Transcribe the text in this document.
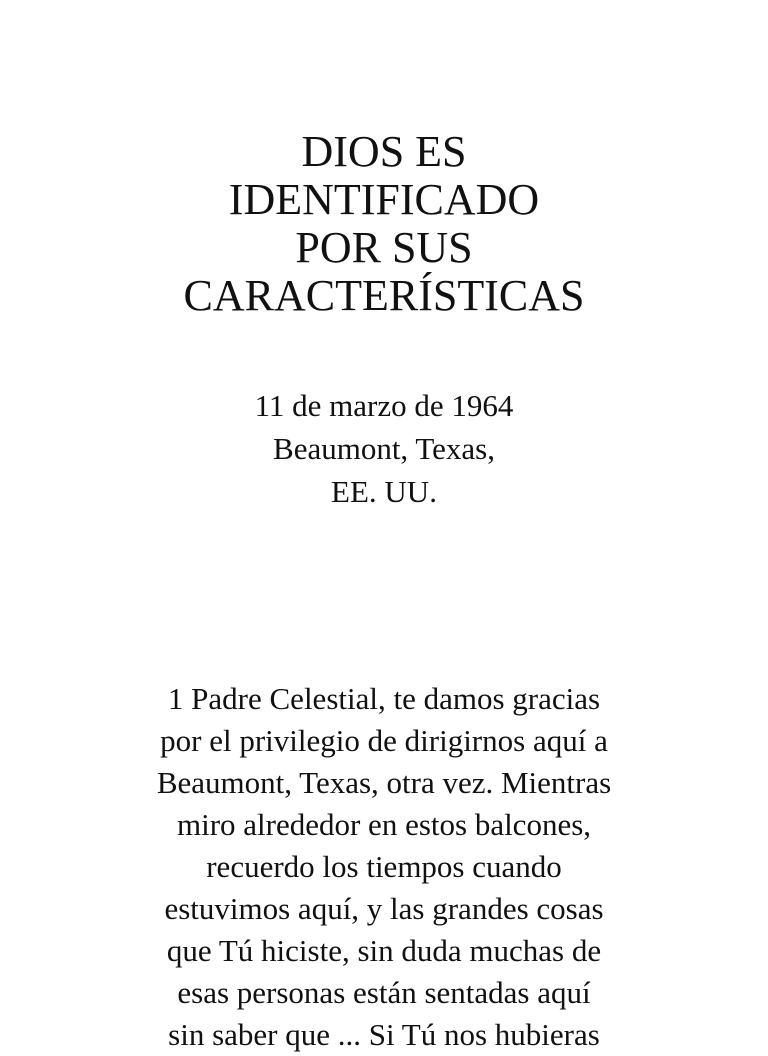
DIOS ES
IDENTIFICADO
POR SUS
CARACTERÍSTICAS
11 de marzo de 1964
Beaumont, Texas,
EE. UU.
1 Padre Celestial, te damos gracias
por el privilegio de dirigirnos aquí a
Beaumont, Texas, otra vez. Mientras
miro alrededor en estos balcones,
recuerdo los tiempos cuando
estuvimos aquí, y las grandes cosas
que Tú hiciste, sin duda muchas de
esas personas están sentadas aquí
sin saber que ... Si Tú nos hubieras
